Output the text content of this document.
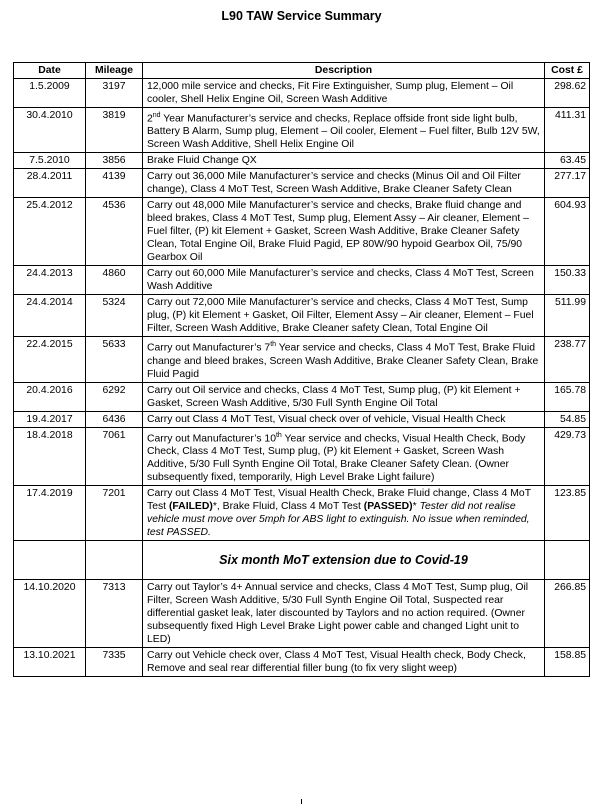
L90 TAW Service Summary
Date	Mileage	Description	Cost £
1.5.2009	3197	12,000 mile service and checks, Fit Fire Extinguisher, Sump plug, Element – Oil cooler, Shell Helix Engine Oil, Screen Wash Additive	298.62
30.4.2010	3819	2nd Year Manufacturer’s service and checks, Replace offside front side light bulb, Battery B Alarm, Sump plug, Element – Oil cooler, Element – Fuel filter, Bulb 12V 5W, Screen Wash Additive, Shell Helix Engine Oil	411.31
7.5.2010	3856	Brake Fluid Change QX	63.45
28.4.2011	4139	Carry out 36,000 Mile Manufacturer’s service and checks (Minus Oil and Oil Filter change), Class 4 MoT Test, Screen Wash Additive, Brake Cleaner Safety Clean	277.17
25.4.2012	4536	Carry out 48,000 Mile Manufacturer’s service and checks, Brake fluid change and bleed brakes, Class 4 MoT Test, Sump plug, Element Assy – Air cleaner, Element – Fuel filter, (P) kit Element + Gasket, Screen Wash Additive, Brake Cleaner Safety Clean, Total Engine Oil, Brake Fluid Pagid, EP 80W/90 hypoid Gearbox Oil, 75/90 Gearbox Oil	604.93
24.4.2013	4860	Carry out 60,000 Mile Manufacturer’s service and checks, Class 4 MoT Test, Screen Wash Additive	150.33
24.4.2014	5324	Carry out 72,000 Mile Manufacturer’s service and checks, Class 4 MoT Test, Sump plug, (P) kit Element + Gasket, Oil Filter, Element Assy – Air cleaner, Element – Fuel Filter, Screen Wash Additive, Brake Cleaner safety Clean, Total Engine Oil	511.99
22.4.2015	5633	Carry out Manufacturer’s 7th Year service and checks, Class 4 MoT Test, Brake Fluid change and bleed brakes, Screen Wash Additive, Brake Cleaner Safety Clean, Brake Fluid Pagid	238.77
20.4.2016	6292	Carry out Oil service and checks, Class 4 MoT Test, Sump plug, (P) kit Element + Gasket, Screen Wash Additive, 5/30 Full Synth Engine Oil Total	165.78
19.4.2017	6436	Carry out Class 4 MoT Test, Visual check over of vehicle, Visual Health Check	54.85
18.4.2018	7061	Carry out Manufacturer’s 10th Year service and checks, Visual Health Check, Body Check, Class 4 MoT Test, Sump plug, (P) kit Element + Gasket, Screen Wash Additive, 5/30 Full Synth Engine Oil Total, Brake Cleaner Safety Clean. (Owner subsequently fixed, temporarily, High Level Brake Light failure)	429.73
17.4.2019	7201	Carry out Class 4 MoT Test, Visual Health Check, Brake Fluid change, Class 4 MoT Test (FAILED)*, Brake Fluid, Class 4 MoT Test (PASSED)* Tester did not realise vehicle must move over 5mph for ABS light to extinguish. No issue when reminded, test PASSED.	123.85
		Six month MoT extension due to Covid-19	
14.10.2020	7313	Carry out Taylor’s 4+ Annual service and checks, Class 4 MoT Test, Sump plug, Oil Filter, Screen Wash Additive, 5/30 Full Synth Engine Oil Total, Suspected rear differential gasket leak, later discounted by Taylors and no action required. (Owner subsequently fixed High Level Brake Light power cable and changed Light unit to LED)	266.85
13.10.2021	7335	Carry out Vehicle check over, Class 4 MoT Test, Visual Health check, Body Check, Remove and seal rear differential filler bung (to fix very slight weep)	158.85
